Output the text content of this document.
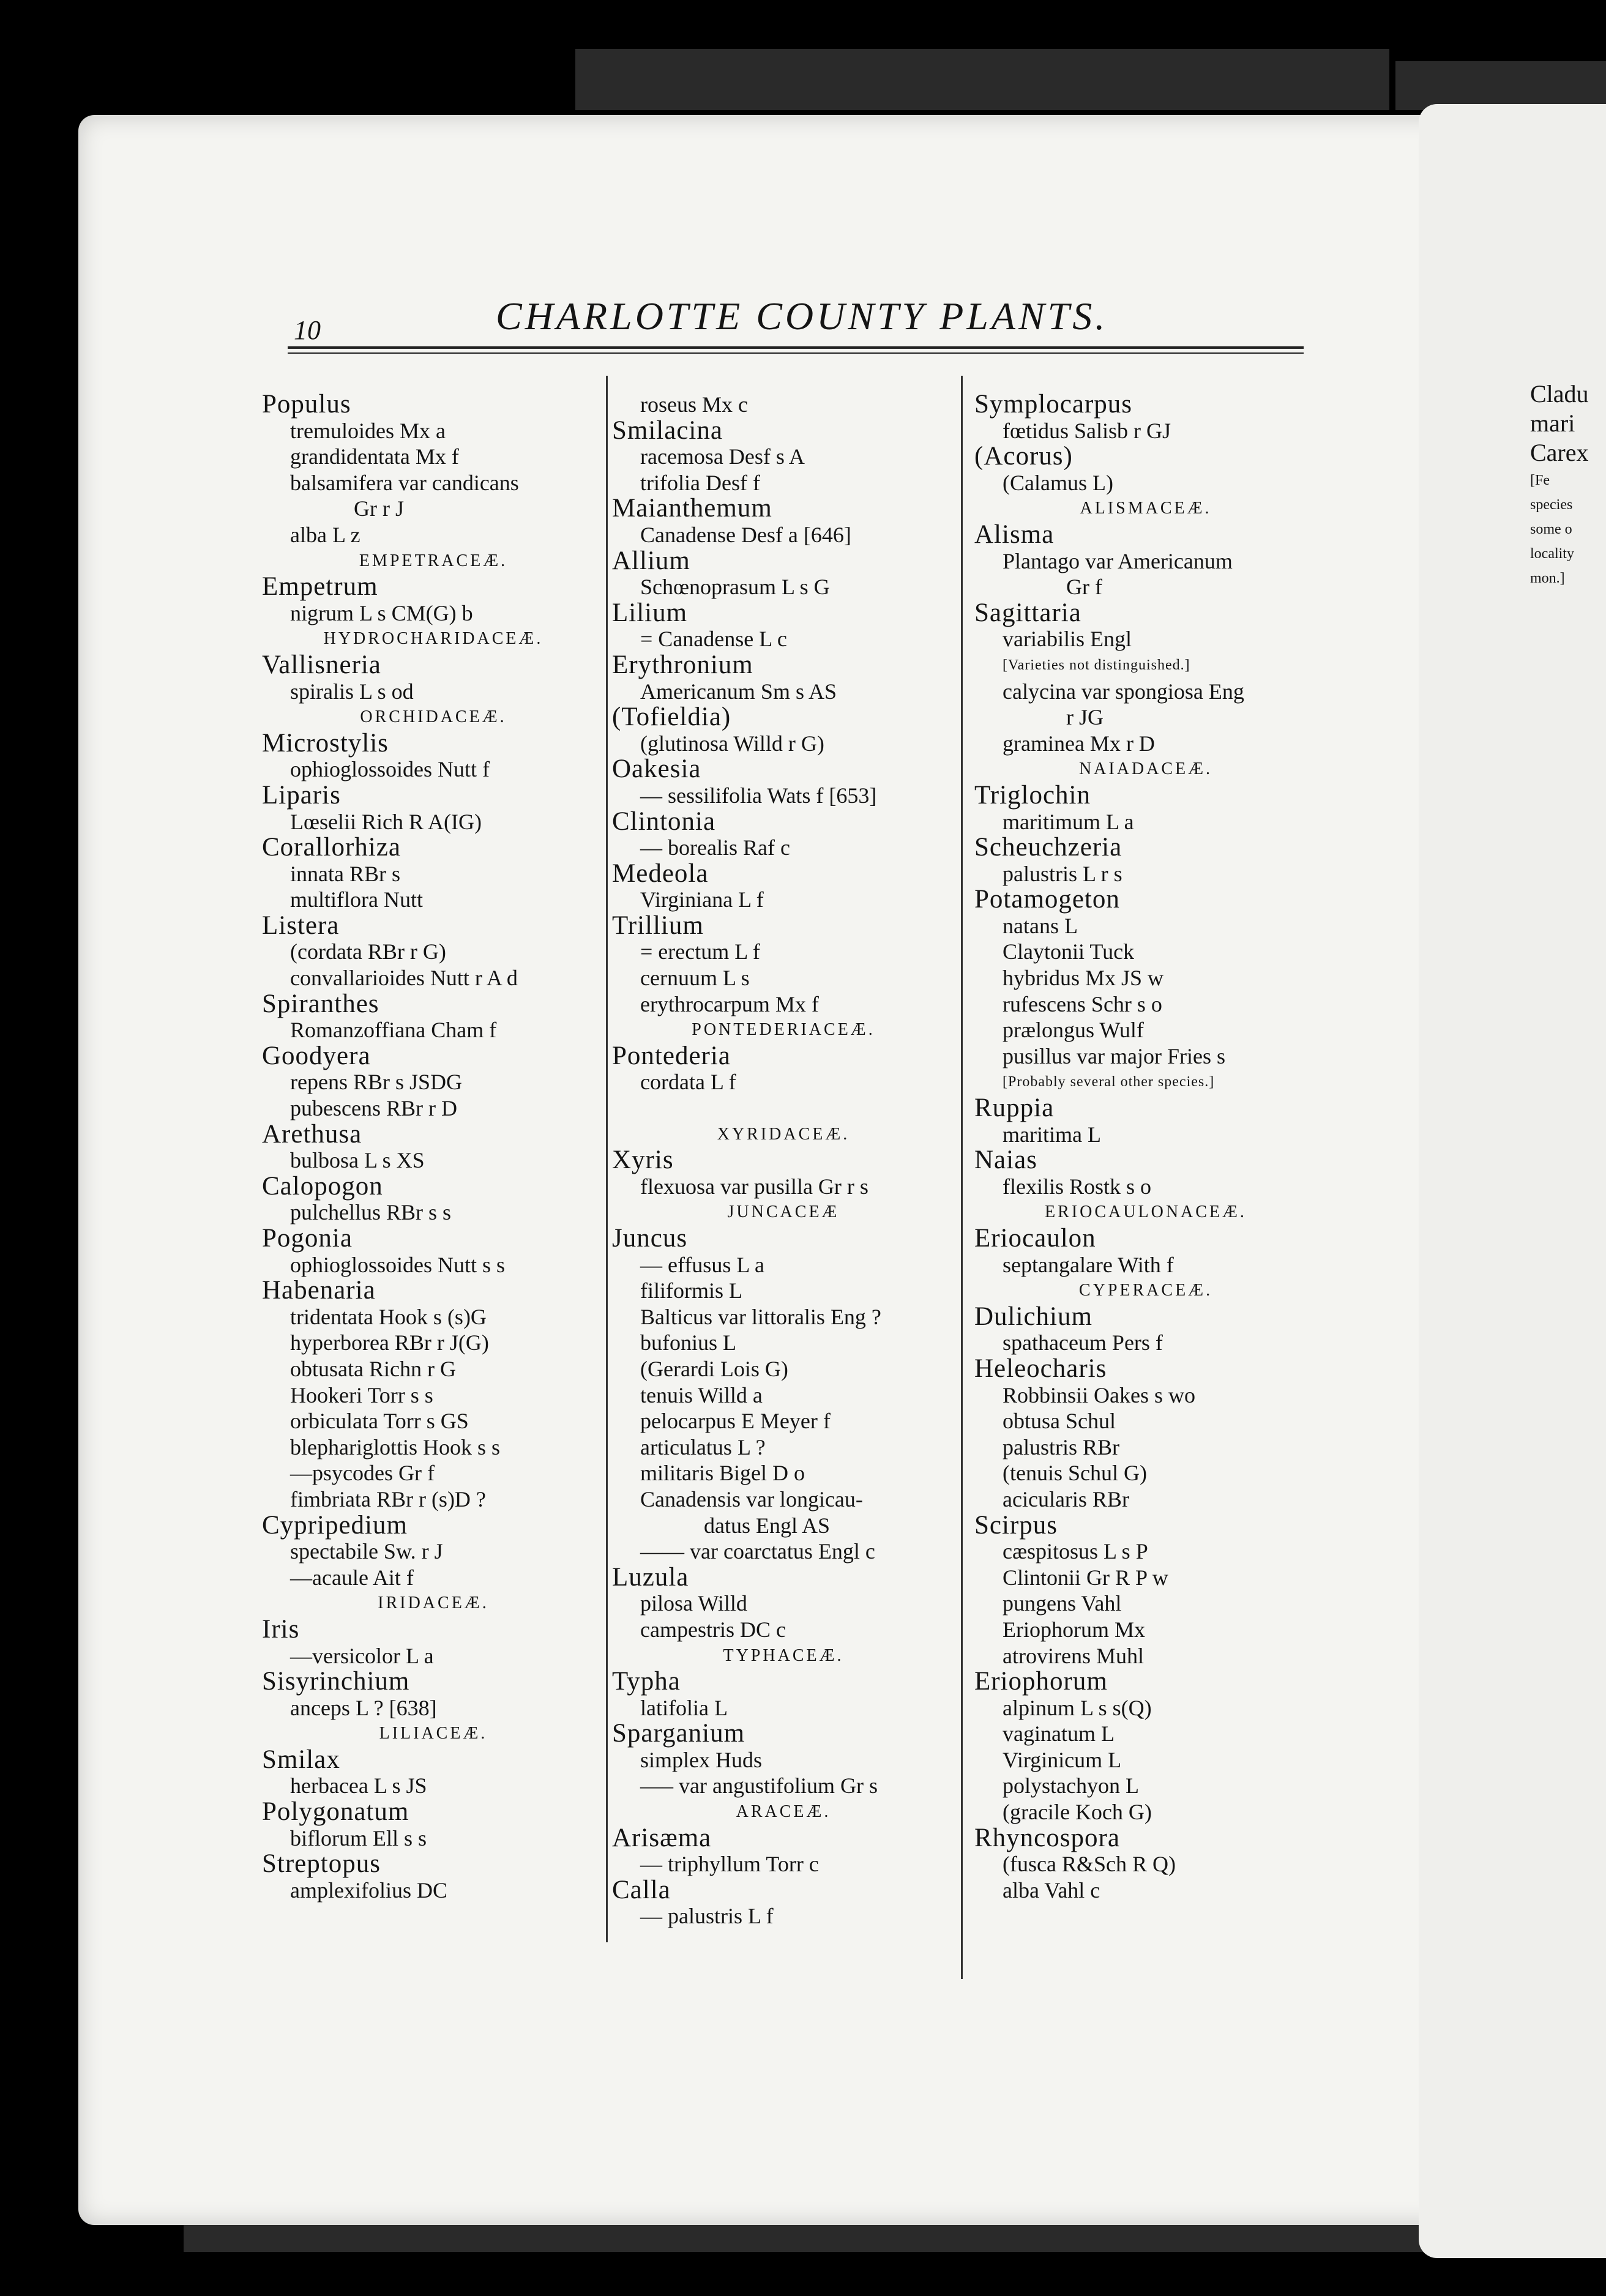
10	CHARLOTTE COUNTY PLANTS.
Populus
tremuloides Mx a
grandidentata Mx f
balsamifera var candicans
Gr r J
alba L z
EMPETRACEÆ.
Empetrum
nigrum L s CM(G) b
HYDROCHARIDACEÆ.
Vallisneria
spiralis L s od
ORCHIDACEÆ.
Microstylis
ophioglossoides Nutt f
Liparis
Lœselii Rich R A(IG)
Corallorhiza
innata RBr s
multiflora Nutt
Listera
(cordata RBr r G)
convallarioides Nutt r A d
Spiranthes
Romanzoffiana Cham f
Goodyera
repens RBr s JSDG
pubescens RBr r D
Arethusa
bulbosa L s XS
Calopogon
pulchellus RBr s s
Pogonia
ophioglossoides Nutt s s
Habenaria
tridentata Hook s (s)G
hyperborea RBr r J(G)
obtusata Richn r G
Hookeri Torr s s
orbiculata Torr s GS
blephariglottis Hook s s
—psycodes Gr f
fimbriata RBr r (s)D ?
Cypripedium
spectabile Sw. r J
—acaule Ait f
IRIDACEÆ.
Iris
—versicolor L a
Sisyrinchium
anceps L ? [638]
LILIACEÆ.
Smilax
herbacea L s JS
Polygonatum
biflorum Ell s s
Streptopus
amplexifolius DC
roseus Mx c
Smilacina
racemosa Desf s A
trifolia Desf f
Maianthemum
Canadense Desf a [646]
Allium
Schœnoprasum L s G
Lilium
= Canadense L c
Erythronium
Americanum Sm s AS
(Tofieldia)
(glutinosa Willd r G)
Oakesia
— sessilifolia Wats f [653]
Clintonia
— borealis Raf c
Medeola
Virginiana L f
Trillium
= erectum L f
cernuum L s
erythrocarpum Mx f
PONTEDERIACEÆ.
Pontederia
cordata L f
XYRIDACEÆ.
Xyris
flexuosa var pusilla Gr r s
JUNCACEÆ
Juncus
— effusus L a
filiformis L
Balticus var littoralis Eng ?
bufonius L
(Gerardi Lois G)
tenuis Willd a
pelocarpus E Meyer f
articulatus L ?
militaris Bigel D o
Canadensis var longicau-
datus Engl AS
—— var coarctatus Engl c
Luzula
pilosa Willd
campestris DC c
TYPHACEÆ.
Typha
latifolia L
Sparganium
simplex Huds
—– var angustifolium Gr s
ARACEÆ.
Arisæma
— triphyllum Torr c
Calla
— palustris L f
Symplocarpus
fœtidus Salisb r GJ
(Acorus)
(Calamus L)
ALISMACEÆ.
Alisma
Plantago var Americanum
Gr f
Sagittaria
variabilis Engl
[Varieties not distinguished.]
calycina var spongiosa Eng
r JG
graminea Mx r D
NAIADACEÆ.
Triglochin
maritimum L a
Scheuchzeria
palustris L r s
Potamogeton
natans L
Claytonii Tuck
hybridus Mx JS w
rufescens Schr s o
prælongus Wulf
pusillus var major Fries s
[Probably several other species.]
Ruppia
maritima L
Naias
flexilis Rostk s o
ERIOCAULONACEÆ.
Eriocaulon
septangalare With f
CYPERACEÆ.
Dulichium
spathaceum Pers f
Heleocharis
Robbinsii Oakes s wo
obtusa Schul
palustris RBr
(tenuis Schul G)
acicularis RBr
Scirpus
cæspitosus L s P
Clintonii Gr R P w
pungens Vahl
Eriophorum Mx
atrovirens Muhl
Eriophorum
alpinum L s s(Q)
vaginatum L
Virginicum L
polystachyon L
(gracile Koch G)
Rhyncospora
(fusca R&Sch R Q)
alba Vahl c
Cladu
mari
Carex
[Fe
species
some o
locality
mon.]
